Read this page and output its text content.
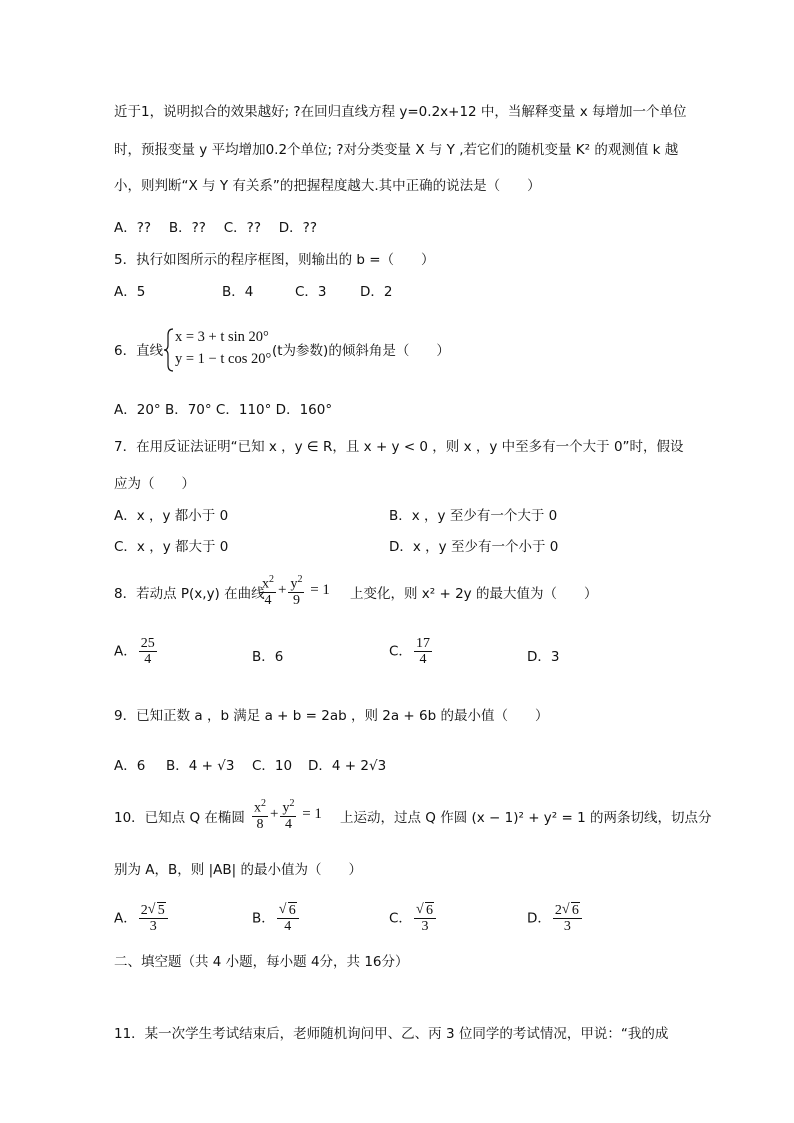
近于1，说明拟合的效果越好; ?在回归直线方程 y=0.2x+12 中，当解释变量 x 每增加一个单位
时，预报变量 y 平均增加0.2个单位; ?对分类变量 X 与 Y ,若它们的随机变量 K² 的观测值 k 越
小，则判断“X 与 Y 有关系”的把握程度越大.其中正确的说法是（　　）
A．??　 B．??　 C．??　 D．??
5．执行如图所示的程序框图，则输出的 b =（　　）
A．5	B．4	C．3 D．2
6．直线
x = 3 + t sin 20°
y = 1 − t cos 20° (t为参数)的倾斜角是（　　）
A．20° B．70° C．110° D．160°
7．在用反证法证明“已知 x ，y ∈ R，且 x + y < 0 ，则 x ，y 中至多有一个大于 0”时，假设
应为（　　）
A．x ，y 都小于 0	B．x ，y 至少有一个大于 0
C．x ，y 都大于 0	D．x ，y 至少有一个小于 0
8．若动点 P(x,y) 在曲线
$\frac{x^2}{4} + \frac{y^2}{9} = 1$ 上变化，则 x² + 2y 的最大值为（　　）
A． $\frac{25}{4}$	B．6	C． $\frac{17}{4}$	D．3
9．已知正数 a ，b 满足 a + b = 2ab ，则 2a + 6b 的最小值（　　）
A．6 B．4 + √3 C．10 D．4 + 2√3
10．已知点 Q 在椭圆 $\frac{x^2}{8} + \frac{y^2}{4} = 1$ 上运动，过点 Q 作圆 (x − 1)² + y² = 1 的两条切线，切点分
别为 A，B，则 |AB| 的最小值为（　　）
A． $\frac{2 √ 5}{3}$	B． √ $\frac{6}{4}$	C． √ $\frac{6}{3}$	D． $\frac{2 √ 6}{3}$
二、填空题（共 4 小题，每小题 4分，共 16分）
11．某一次学生考试结束后，老师随机询问甲、乙、丙 3 位同学的考试情况，甲说：“我的成
